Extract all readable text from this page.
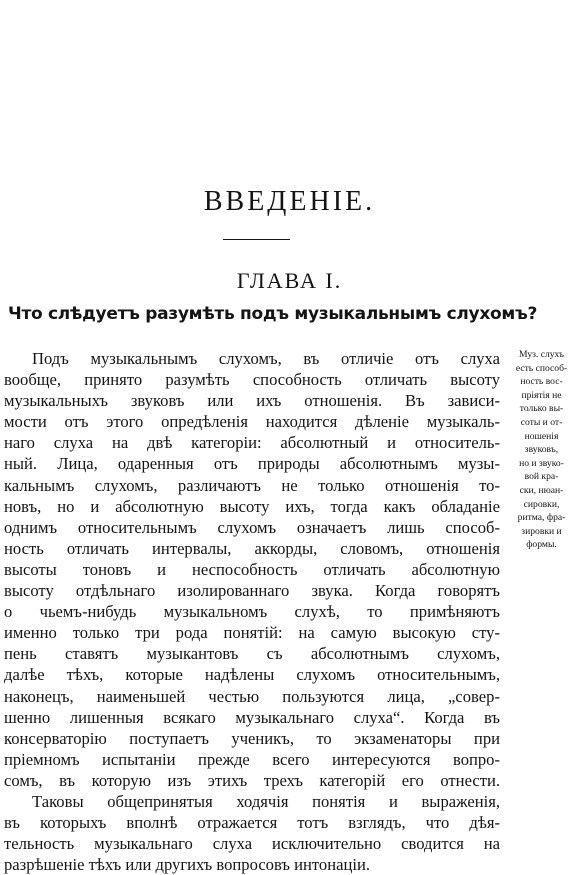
ВВЕДЕНIЕ.
ГЛАВА I.
Что слѣдуетъ разумѣть подъ музыкальнымъ слухомъ?
Подъ музыкальнымъ слухомъ, въ отличіе отъ слуха
вообще, принято разумѣть способность отличать высоту
музыкальныхъ звуковъ или ихъ отношенія. Въ зависи-
мости отъ этого опредѣленія находится дѣленіе музыкаль-
наго слуха на двѣ категоріи: абсолютный и относитель-
ный. Лица, одаренныя отъ природы абсолютнымъ музы-
кальнымъ слухомъ, различаютъ не только отношенія то-
новъ, но и абсолютную высоту ихъ, тогда какъ обладаніе
однимъ относительнымъ слухомъ означаетъ лишь способ-
ность отличать интервалы, аккорды, словомъ, отношенія
высоты тоновъ и неспособность отличать абсолютную
высоту отдѣльнаго изолированнаго звука. Когда говорятъ
о чьемъ-нибудь музыкальномъ слухѣ, то примѣняютъ
именно только три рода понятій: на самую высокую сту-
пень ставятъ музыкантовъ съ абсолютнымъ слухомъ,
далѣе тѣхъ, которые надѣлены слухомъ относительнымъ,
наконецъ, наименьшей честью пользуются лица, „совер-
шенно лишенныя всякаго музыкальнаго слуха“. Когда въ
консерваторію поступаетъ ученикъ, то экзаменаторы при
пріемномъ испытаніи прежде всего интересуются вопро-
сомъ, въ которую изъ этихъ трехъ категорій его отнести.
Таковы общепринятыя ходячія понятія и выраженія,
въ которыхъ вполнѣ отражается тотъ взглядъ, что дѣя-
тельность музыкальнаго слуха исключительно сводится на
разрѣшеніе тѣхъ или другихъ вопросовъ интонаціи.
Муз. слухъ
есть способ-
ность вос-
пріятія не
только вы-
соты и от-
ношенія
звуковъ,
но и звуко-
вой кра-
ски, нюан-
сировки,
ритма, фра-
зировки и
формы.
